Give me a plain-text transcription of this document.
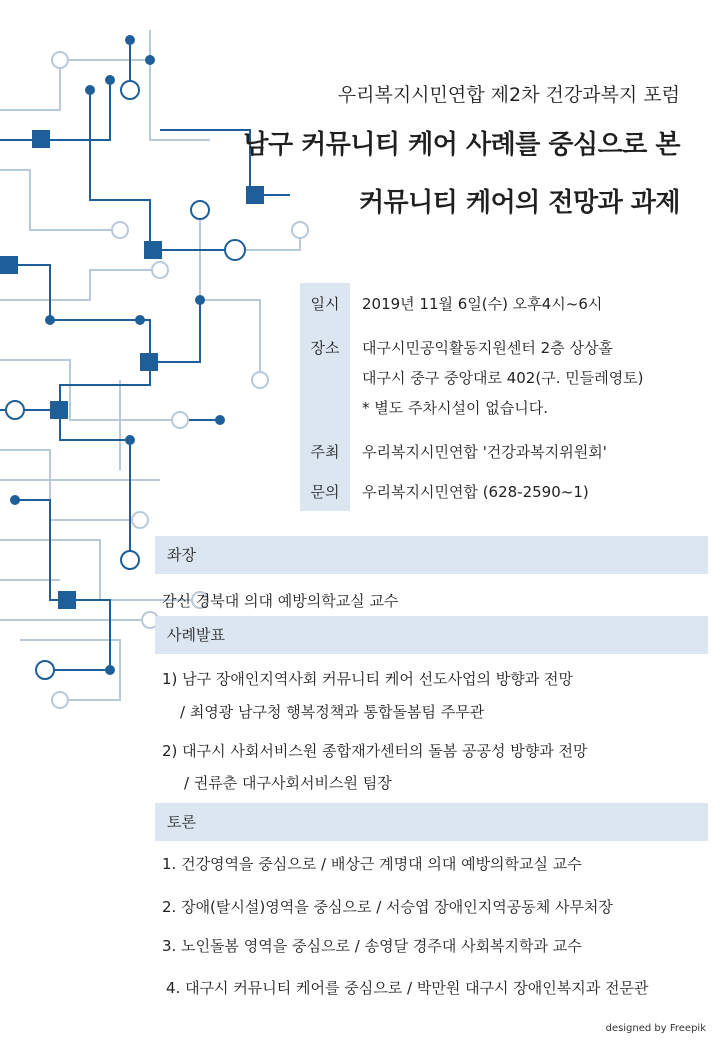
우리복지시민연합 제2차 건강과복지 포럼
남구 커뮤니티 케어 사례를 중심으로 본
커뮤니티 케어의 전망과 과제
일시	2019년 11월 6일(수) 오후4시~6시
장소	대구시민공익활동지원센터 2층 상상홀
대구시 중구 중앙대로 402(구. 민들레영토)
* 별도 주차시설이 없습니다.
주최	우리복지시민연합 '건강과복지위원회'
문의	우리복지시민연합 (628-2590~1)
좌장
감신 경북대 의대 예방의학교실 교수
사례발표
1) 남구 장애인지역사회 커뮤니티 케어 선도사업의 방향과 전망
/ 최영광 남구청 행복정책과 통합돌봄팀 주무관
2) 대구시 사회서비스원 종합재가센터의 돌봄 공공성 방향과 전망
/ 권류춘 대구사회서비스원 팀장
토론
1. 건강영역을 중심으로 / 배상근 계명대 의대 예방의학교실 교수
2. 장애(탈시설)영역을 중심으로 / 서승엽 장애인지역공동체 사무처장
3. 노인돌봄 영역을 중심으로 / 송영달 경주대 사회복지학과 교수
4. 대구시 커뮤니티 케어를 중심으로 / 박만원 대구시 장애인복지과 전문관
designed by Freepik
